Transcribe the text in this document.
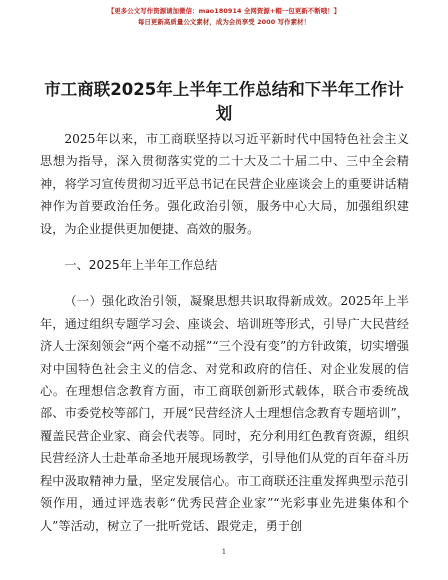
【更多公文写作资源请加微信：mao180914 全网资源+帽一包更新不断哦！】
每日更新高质量公文素材，成为会员享受 2000 写作素材！
市工商联2025年上半年工作总结和下半年工作计划

2025年以来，市工商联坚持以习近平新时代中国特色社会主义思想为指导，深入贯彻落实党的二十大及二十届二中、三中全会精神，将学习宣传贯彻习近平总书记在民营企业座谈会上的重要讲话精神作为首要政治任务。强化政治引领，服务中心大局，加强组织建设，为企业提供更加便捷、高效的服务。

一、2025年上半年工作总结

（一）强化政治引领，凝聚思想共识取得新成效。2025年上半年，通过组织专题学习会、座谈会、培训班等形式，引导广大民营经济人士深刻领会“两个毫不动摇”“三个没有变”的方针政策，切实增强对中国特色社会主义的信念、对党和政府的信任、对企业发展的信心。在理想信念教育方面，市工商联创新形式载体，联合市委统战部、市委党校等部门，开展“民营经济人士理想信念教育专题培训”，覆盖民营企业家、商会代表等。同时，充分利用红色教育资源，组织民营经济人士赴革命圣地开展现场教学，引导他们从党的百年奋斗历程中汲取精神力量，坚定发展信心。市工商联还注重发挥典型示范引领作用，通过评选表彰“优秀民营企业家”“光彩事业先进集体和个人”等活动，树立了一批听党话、跟党走，勇于创

1
